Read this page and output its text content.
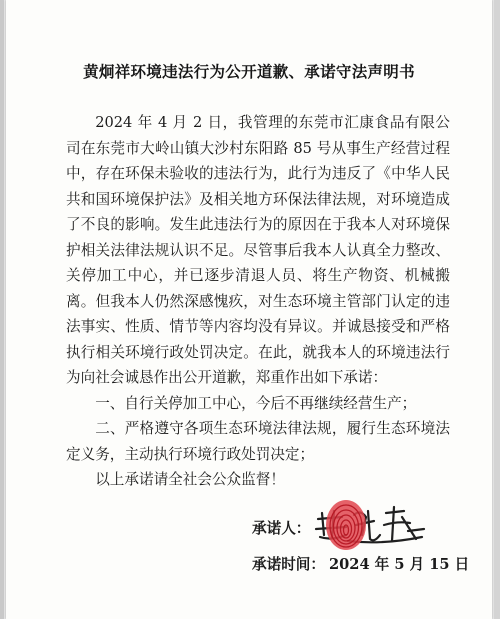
黄炯祥环境违法行为公开道歉、承诺守法声明书

2024 年 4 月 2 日，我管理的东莞市汇康食品有限公司在东莞市大岭山镇大沙村东阳路 85 号从事生产经营过程中，存在环保未验收的违法行为，此行为违反了《中华人民共和国环境保护法》及相关地方环保法律法规，对环境造成了不良的影响。发生此违法行为的原因在于我本人对环境保护相关法律法规认识不足。尽管事后我本人认真全力整改、关停加工中心，并已逐步清退人员、将生产物资、机械搬离。但我本人仍然深感愧疚，对生态环境主管部门认定的违法事实、性质、情节等内容均没有异议。并诚恳接受和严格执行相关环境行政处罚决定。在此，就我本人的环境违法行为向社会诚恳作出公开道歉，郑重作出如下承诺：

一、自行关停加工中心，今后不再继续经营生产；

二、严格遵守各项生态环境法律法规，履行生态环境法定义务，主动执行环境行政处罚决定；

以上承诺请全社会公众监督！

承诺人：
承诺时间： 2024 年 5 月 15 日
